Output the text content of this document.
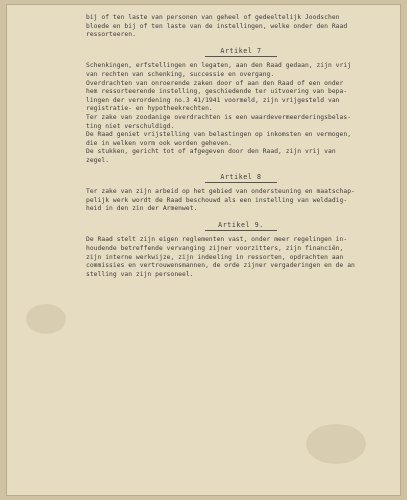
bij of ten laste van personen van geheel of gedeeltelijk Joodschen
bloede en bij of ten laste van de instellingen, welke onder den Raad
ressorteeren.
Artikel 7
Schenkingen, erfstellingen en legaten, aan den Raad gedaan, zijn vrij
van rechten van schenking, successie en overgang.
Overdrachten van onroerende zaken door of aan den Raad of een onder
hem ressorteerende instelling, geschiedende ter uitvoering van bepa-
lingen der verordening no.3 41/1941 voormeld, zijn vrijgesteld van
registratie- en hypotheekrechten.
Ter zake van zoodanige overdrachten is een waardevermeerderingsbelas-
ting niet verschuldigd.
De Raad geniet vrijstelling van belastingen op inkomsten en vermogen,
die in welken vorm ook worden geheven.
De stukken, gericht tot of afgegeven door den Raad, zijn vrij van
zegel.
Artikel 8
Ter zake van zijn arbeid op het gebied van ondersteuning en maatschap-
pelijk werk wordt de Raad beschouwd als een instelling van weldadig-
heid in den zin der Armenwet.
Artikel 9.
De Raad stelt zijn eigen reglementen vast, onder meer regelingen in-
houdende betreffende vervanging zijner voorzitters, zijn financiën,
zijn interne werkwijze, zijn indeeling in ressorten, opdrachten aan
commissies en vertrouwensmannen, de orde zijner vergaderingen en de an
stelling van zijn personeel.
